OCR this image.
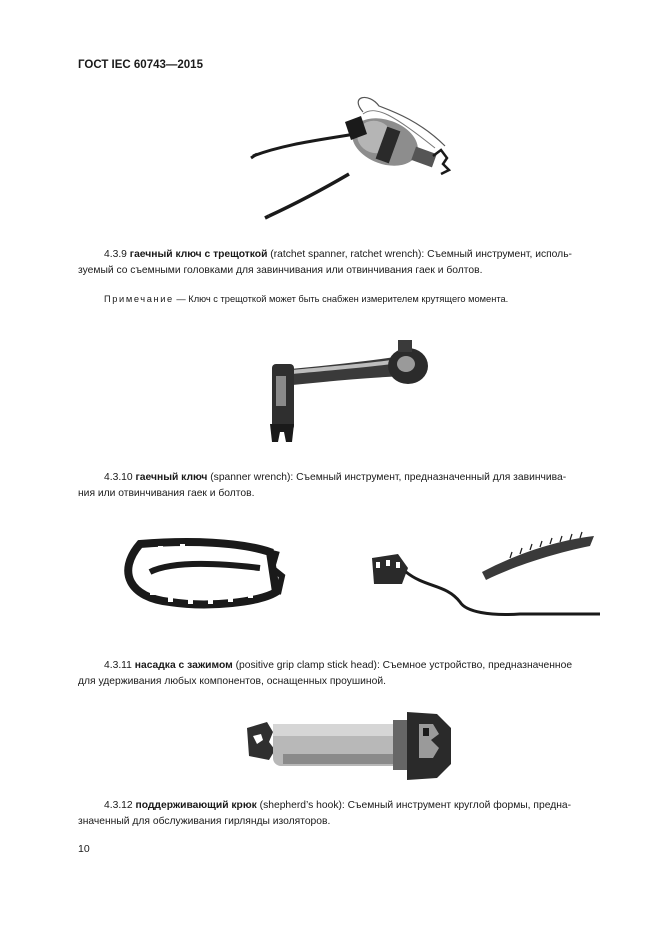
ГОСТ IEC 60743—2015
4.3.9 гаечный ключ с трещоткой (ratchet spanner, ratchet wrench): Съемный инструмент, исполь-
зуемый со съемными головками для завинчивания или отвинчивания гаек и болтов.
Примечание — Ключ с трещоткой может быть снабжен измерителем крутящего момента.
4.3.10 гаечный ключ (spanner wrench): Съемный инструмент, предназначенный для завинчива-
ния или отвинчивания гаек и болтов.
4.3.11 насадка с зажимом (positive grip clamp stick head): Съемное устройство, предназначенное
для удерживания любых компонентов, оснащенных проушиной.
4.3.12 поддерживающий крюк (shepherd’s hook): Съемный инструмент круглой формы, предна-
значенный для обслуживания гирлянды изоляторов.
10
